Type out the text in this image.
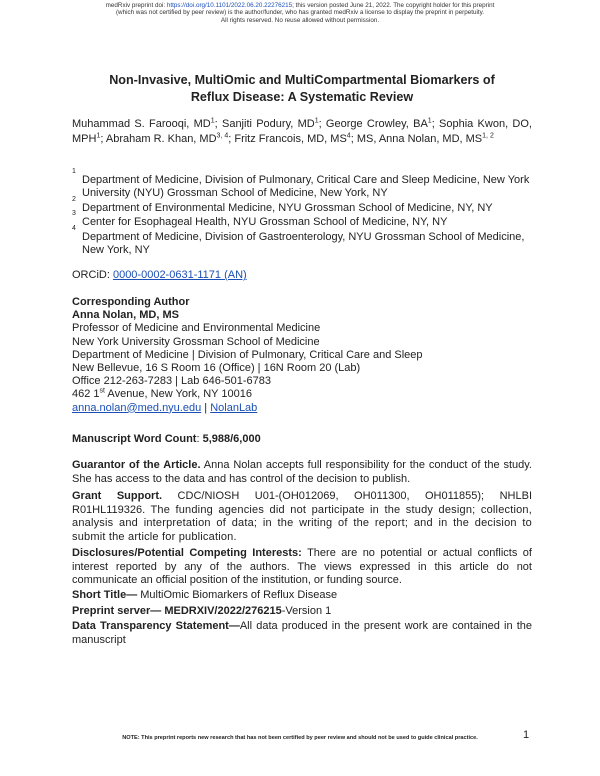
medRxiv preprint doi: https://doi.org/10.1101/2022.06.20.22276215; this version posted June 21, 2022. The copyright holder for this preprint
(which was not certified by peer review) is the author/funder, who has granted medRxiv a license to display the preprint in perpetuity.
All rights reserved. No reuse allowed without permission.
Non-Invasive, MultiOmic and MultiCompartmental Biomarkers of
Reflux Disease: A Systematic Review
Muhammad S. Farooqi, $MD^1$; Sanjiti Podury, $MD^1$; George Crowley, $BA^1$; Sophia Kwon, DO, MPH$^1$; Abraham R. Khan, MD$^{3, 4}$; Fritz Francois, MD, $MS^4$; MS, Anna Nolan, MD, MS$^{1, 2}$
1
Department of Medicine, Division of Pulmonary, Critical Care and Sleep Medicine, New York University (NYU) Grossman School of Medicine, New York, NY
2
Department of Environmental Medicine, NYU Grossman School of Medicine, NY, NY
3
Center for Esophageal Health, NYU Grossman School of Medicine, NY, NY
4
Department of Medicine, Division of Gastroenterology, NYU Grossman School of Medicine, New York, NY
ORCiD: 0000-0002-0631-1171 (AN)
Corresponding Author
Anna Nolan, MD, MS
Professor of Medicine and Environmental Medicine
New York University Grossman School of Medicine
Department of Medicine | Division of Pulmonary, Critical Care and Sleep
New Bellevue, 16 S Room 16 (Office) | 16N Room 20 (Lab)
Office 212-263-7283 | Lab 646-501-6783
462 1st Avenue, New York, NY 10016
anna.nolan@med.nyu.edu | NolanLab
Manuscript Word Count: 5,988/6,000
Guarantor of the Article. Anna Nolan accepts full responsibility for the conduct of the study. She has access to the data and has control of the decision to publish.
Grant Support. CDC/NIOSH U01-(OH012069, OH011300, OH011855); NHLBI R01HL119326. The funding agencies did not participate in the study design; collection, analysis and interpretation of data; in the writing of the report; and in the decision to submit the article for publication.
Disclosures/Potential Competing Interests: There are no potential or actual conflicts of interest reported by any of the authors. The views expressed in this article do not communicate an official position of the institution, or funding source.
Short Title— MultiOmic Biomarkers of Reflux Disease
Preprint server— MEDRXIV/2022/276215-Version 1
Data Transparency Statement—All data produced in the present work are contained in the manuscript
NOTE: This preprint reports new research that has not been certified by peer review and should not be used to guide clinical practice.	1
